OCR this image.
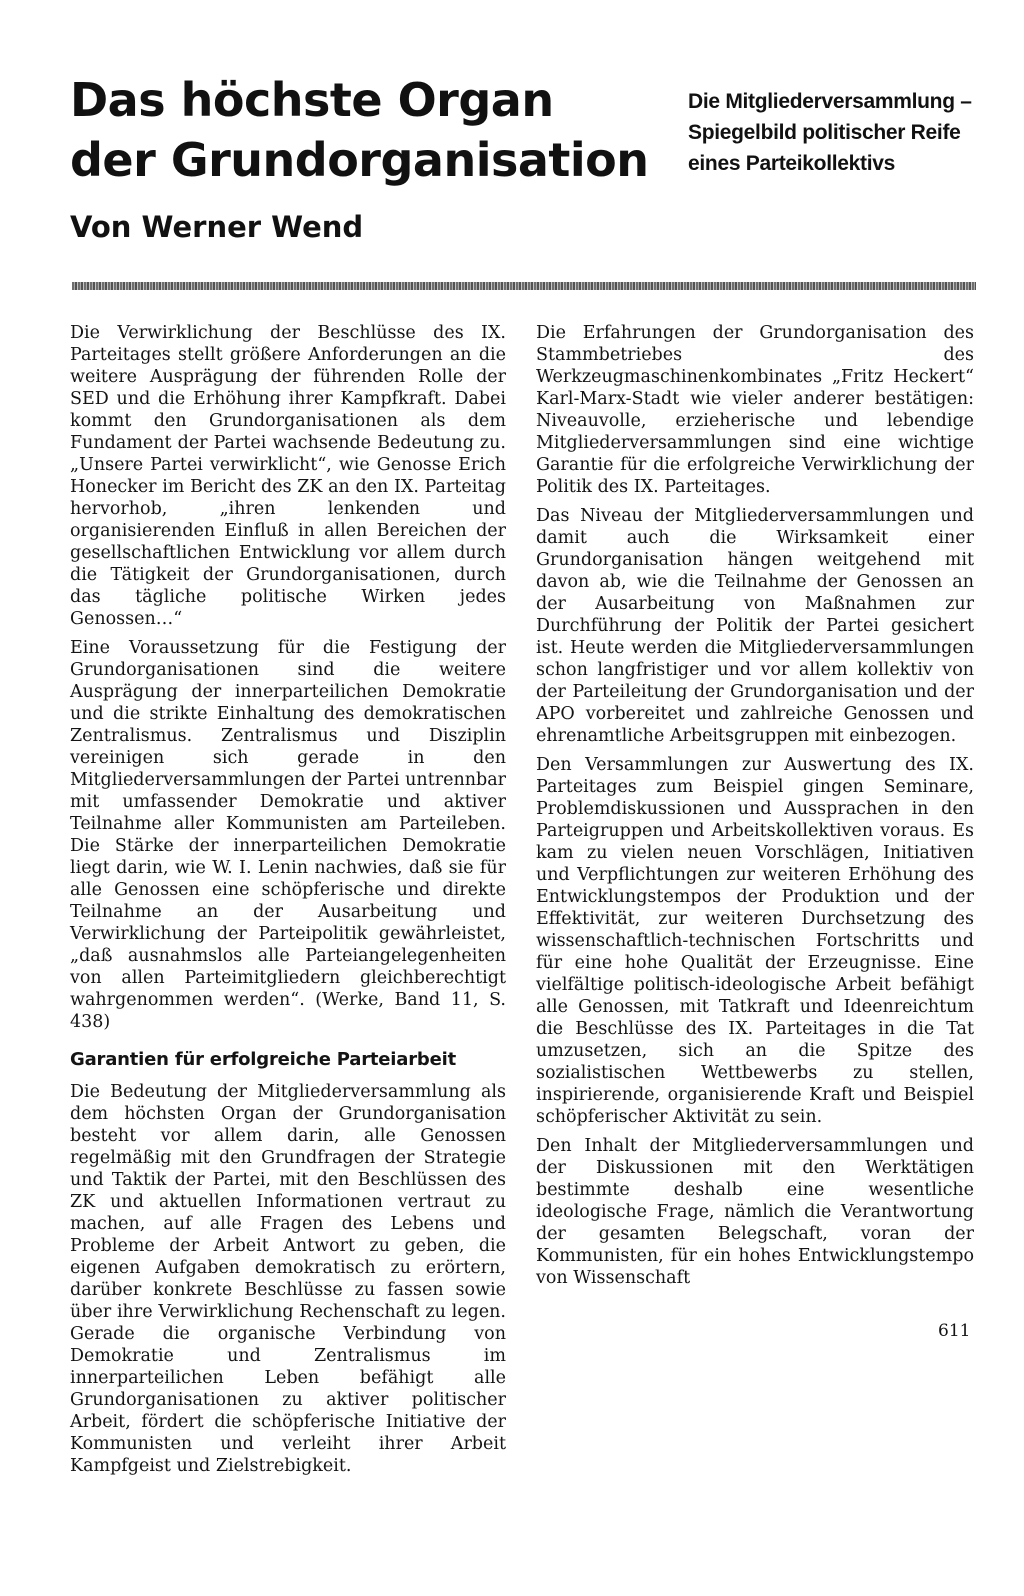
Das höchste Organ
der Grundorganisation
Die Mitgliederversammlung –
Spiegelbild politischer Reife
eines Parteikollektivs
Von Werner Wend

Die Verwirklichung der Beschlüsse des IX. Parteitages stellt größere Anforderungen an die weitere Ausprägung der führenden Rolle der SED und die Erhöhung ihrer Kampfkraft. Dabei kommt den Grundorganisationen als dem Fundament der Partei wachsende Bedeutung zu. „Unsere Partei verwirklicht“, wie Genosse Erich Honecker im Bericht des ZK an den IX. Parteitag hervorhob, „ihren lenkenden und organisierenden Einfluß in allen Bereichen der gesellschaftlichen Entwicklung vor allem durch die Tätigkeit der Grundorganisationen, durch das tägliche politische Wirken jedes Genossen…“

Eine Voraussetzung für die Festigung der Grundorganisationen sind die weitere Ausprägung der innerparteilichen Demokratie und die strikte Einhaltung des demokratischen Zentralismus. Zentralismus und Disziplin vereinigen sich gerade in den Mitgliederversammlungen der Partei untrennbar mit umfassender Demokratie und aktiver Teilnahme aller Kommunisten am Parteileben. Die Stärke der innerparteilichen Demokratie liegt darin, wie W. I. Lenin nachwies, daß sie für alle Genossen eine schöpferische und direkte Teilnahme an der Ausarbeitung und Verwirklichung der Parteipolitik gewährleistet, „daß ausnahmslos alle Parteiangelegenheiten von allen Parteimitgliedern gleichberechtigt wahrgenommen werden“. (Werke, Band 11, S. 438)

Garantien für erfolgreiche Parteiarbeit

Die Bedeutung der Mitgliederversammlung als dem höchsten Organ der Grundorganisation besteht vor allem darin, alle Genossen regelmäßig mit den Grundfragen der Strategie und Taktik der Partei, mit den Beschlüssen des ZK und aktuellen Informationen vertraut zu machen, auf alle Fragen des Lebens und Probleme der Arbeit Antwort zu geben, die eigenen Aufgaben demokratisch zu erörtern, darüber konkrete Beschlüsse zu fassen sowie über ihre Verwirklichung Rechenschaft zu legen. Gerade die organische Verbindung von Demokratie und Zentralismus im innerparteilichen Leben befähigt alle Grundorganisationen zu aktiver politischer Arbeit, fördert die schöpferische Initiative der Kommunisten und verleiht ihrer Arbeit Kampfgeist und Zielstrebigkeit.

Die Erfahrungen der Grundorganisation des Stammbetriebes des Werkzeugmaschinenkombinates „Fritz Heckert“ Karl-Marx-Stadt wie vieler anderer bestätigen: Niveauvolle, erzieherische und lebendige Mitgliederversammlungen sind eine wichtige Garantie für die erfolgreiche Verwirklichung der Politik des IX. Parteitages.

Das Niveau der Mitgliederversammlungen und damit auch die Wirksamkeit einer Grundorganisation hängen weitgehend mit davon ab, wie die Teilnahme der Genossen an der Ausarbeitung von Maßnahmen zur Durchführung der Politik der Partei gesichert ist. Heute werden die Mitgliederversammlungen schon langfristiger und vor allem kollektiv von der Parteileitung der Grundorganisation und der APO vorbereitet und zahlreiche Genossen und ehrenamtliche Arbeitsgruppen mit einbezogen.

Den Versammlungen zur Auswertung des IX. Parteitages zum Beispiel gingen Seminare, Problemdiskussionen und Aussprachen in den Parteigruppen und Arbeitskollektiven voraus. Es kam zu vielen neuen Vorschlägen, Initiativen und Verpflichtungen zur weiteren Erhöhung des Entwicklungstempos der Produktion und der Effektivität, zur weiteren Durchsetzung des wissenschaftlich-technischen Fortschritts und für eine hohe Qualität der Erzeugnisse. Eine vielfältige politisch-ideologische Arbeit befähigt alle Genossen, mit Tatkraft und Ideenreichtum die Beschlüsse des IX. Parteitages in die Tat umzusetzen, sich an die Spitze des sozialistischen Wettbewerbs zu stellen, inspirierende, organisierende Kraft und Beispiel schöpferischer Aktivität zu sein.

Den Inhalt der Mitgliederversammlungen und der Diskussionen mit den Werktätigen bestimmte deshalb eine wesentliche ideologische Frage, nämlich die Verantwortung der gesamten Belegschaft, voran der Kommunisten, für ein hohes Entwicklungstempo von Wissenschaft

611
